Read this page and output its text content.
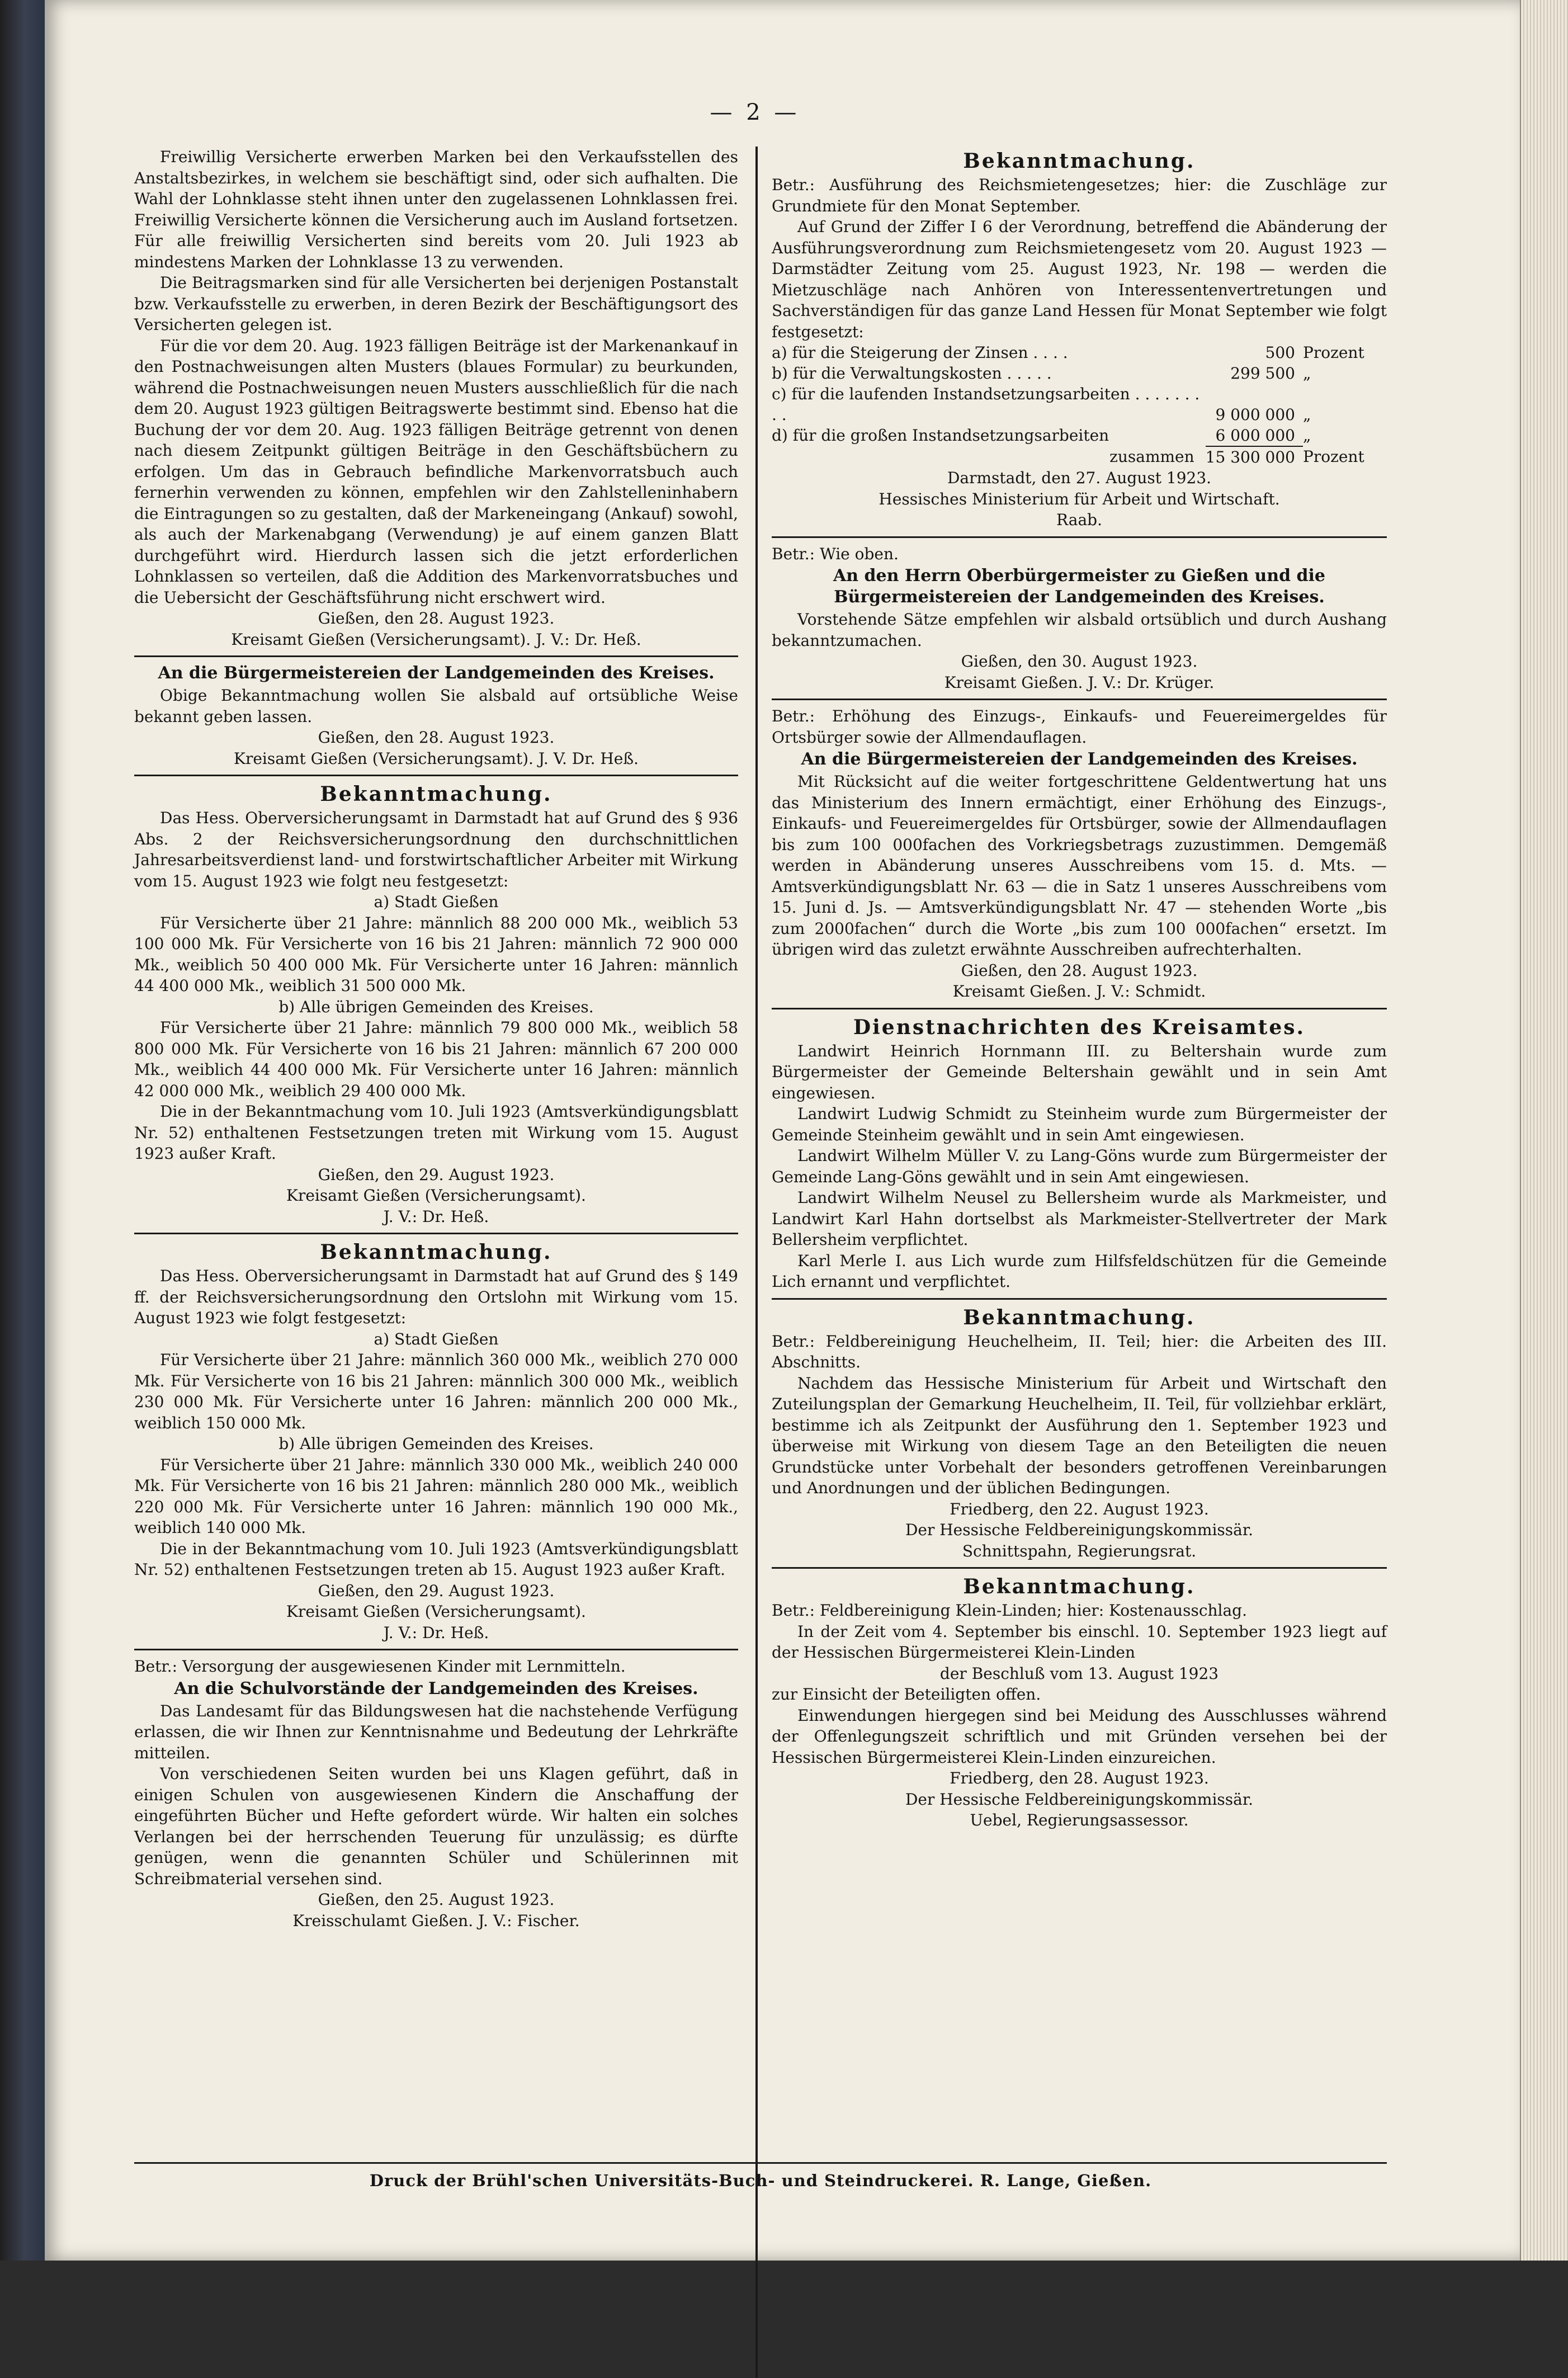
— 2 —

Freiwillig Versicherte erwerben Marken bei den Verkaufsstellen des Anstaltsbezirkes, in welchem sie beschäftigt sind, oder sich aufhalten. Die Wahl der Lohnklasse steht ihnen unter den zugelassenen Lohnklassen frei. Freiwillig Versicherte können die Versicherung auch im Ausland fortsetzen. Für alle freiwillig Versicherten sind bereits vom 20. Juli 1923 ab mindestens Marken der Lohnklasse 13 zu verwenden.

Die Beitragsmarken sind für alle Versicherten bei derjenigen Postanstalt bzw. Verkaufsstelle zu erwerben, in deren Bezirk der Beschäftigungsort des Versicherten gelegen ist.

Für die vor dem 20. Aug. 1923 fälligen Beiträge ist der Markenankauf in den Postnachweisungen alten Musters (blaues Formular) zu beurkunden, während die Postnachweisungen neuen Musters ausschließlich für die nach dem 20. August 1923 gültigen Beitragswerte bestimmt sind. Ebenso hat die Buchung der vor dem 20. Aug. 1923 fälligen Beiträge getrennt von denen nach diesem Zeitpunkt gültigen Beiträge in den Geschäftsbüchern zu erfolgen. Um das in Gebrauch befindliche Markenvorratsbuch auch fernerhin verwenden zu können, empfehlen wir den Zahlstelleninhabern die Eintragungen so zu gestalten, daß der Markeneingang (Ankauf) sowohl, als auch der Markenabgang (Verwendung) je auf einem ganzen Blatt durchgeführt wird. Hierdurch lassen sich die jetzt erforderlichen Lohnklassen so verteilen, daß die Addition des Markenvorratsbuches und die Uebersicht der Geschäftsführung nicht erschwert wird.

Gießen, den 28. August 1923.

Kreisamt Gießen (Versicherungsamt). J. V.: Dr. Heß.

An die Bürgermeistereien der Landgemeinden des Kreises.

Obige Bekanntmachung wollen Sie alsbald auf ortsübliche Weise bekannt geben lassen.

Gießen, den 28. August 1923.

Kreisamt Gießen (Versicherungsamt). J. V. Dr. Heß.

Bekanntmachung.

Das Hess. Oberversicherungsamt in Darmstadt hat auf Grund des § 936 Abs. 2 der Reichsversicherungsordnung den durchschnittlichen Jahresarbeitsverdienst land- und forstwirtschaftlicher Arbeiter mit Wirkung vom 15. August 1923 wie folgt neu festgesetzt:

a) Stadt Gießen

Für Versicherte über 21 Jahre: männlich 88 200 000 Mk., weiblich 53 100 000 Mk. Für Versicherte von 16 bis 21 Jahren: männlich 72 900 000 Mk., weiblich 50 400 000 Mk. Für Versicherte unter 16 Jahren: männlich 44 400 000 Mk., weiblich 31 500 000 Mk.

b) Alle übrigen Gemeinden des Kreises.

Für Versicherte über 21 Jahre: männlich 79 800 000 Mk., weiblich 58 800 000 Mk. Für Versicherte von 16 bis 21 Jahren: männlich 67 200 000 Mk., weiblich 44 400 000 Mk. Für Versicherte unter 16 Jahren: männlich 42 000 000 Mk., weiblich 29 400 000 Mk.

Die in der Bekanntmachung vom 10. Juli 1923 (Amtsverkündigungsblatt Nr. 52) enthaltenen Festsetzungen treten mit Wirkung vom 15. August 1923 außer Kraft.

Gießen, den 29. August 1923.

Kreisamt Gießen (Versicherungsamt).

J. V.: Dr. Heß.

Bekanntmachung.

Das Hess. Oberversicherungsamt in Darmstadt hat auf Grund des § 149 ff. der Reichsversicherungsordnung den Ortslohn mit Wirkung vom 15. August 1923 wie folgt festgesetzt:

a) Stadt Gießen

Für Versicherte über 21 Jahre: männlich 360 000 Mk., weiblich 270 000 Mk. Für Versicherte von 16 bis 21 Jahren: männlich 300 000 Mk., weiblich 230 000 Mk. Für Versicherte unter 16 Jahren: männlich 200 000 Mk., weiblich 150 000 Mk.

b) Alle übrigen Gemeinden des Kreises.

Für Versicherte über 21 Jahre: männlich 330 000 Mk., weiblich 240 000 Mk. Für Versicherte von 16 bis 21 Jahren: männlich 280 000 Mk., weiblich 220 000 Mk. Für Versicherte unter 16 Jahren: männlich 190 000 Mk., weiblich 140 000 Mk.

Die in der Bekanntmachung vom 10. Juli 1923 (Amtsverkündigungsblatt Nr. 52) enthaltenen Festsetzungen treten ab 15. August 1923 außer Kraft.

Gießen, den 29. August 1923.

Kreisamt Gießen (Versicherungsamt).

J. V.: Dr. Heß.

Betr.: Versorgung der ausgewiesenen Kinder mit Lernmitteln.

An die Schulvorstände der Landgemeinden des Kreises.

Das Landesamt für das Bildungswesen hat die nachstehende Verfügung erlassen, die wir Ihnen zur Kenntnisnahme und Bedeutung der Lehrkräfte mitteilen.

Von verschiedenen Seiten wurden bei uns Klagen geführt, daß in einigen Schulen von ausgewiesenen Kindern die Anschaffung der eingeführten Bücher und Hefte gefordert würde. Wir halten ein solches Verlangen bei der herrschenden Teuerung für unzulässig; es dürfte genügen, wenn die genannten Schüler und Schülerinnen mit Schreibmaterial versehen sind.

Gießen, den 25. August 1923.

Kreisschulamt Gießen. J. V.: Fischer.

Bekanntmachung.

Betr.: Ausführung des Reichsmietengesetzes; hier: die Zuschläge zur Grundmiete für den Monat September.

Auf Grund der Ziffer I 6 der Verordnung, betreffend die Abänderung der Ausführungsverordnung zum Reichsmietengesetz vom 20. August 1923 — Darmstädter Zeitung vom 25. August 1923, Nr. 198 — werden die Mietzuschläge nach Anhören von Interessentenvertretungen und Sachverständigen für das ganze Land Hessen für Monat September wie folgt festgesetzt:

a) für die Steigerung der Zinsen . . . .	500	Prozent
b) für die Verwaltungskosten . . . . .	299 500	„
c) für die laufenden Instandsetzungsarbeiten . . . . . . . . .	9 000 000	„
d) für die großen Instandsetzungsarbeiten	6 000 000	„
zusammen	15 300 000	Prozent

Darmstadt, den 27. August 1923.

Hessisches Ministerium für Arbeit und Wirtschaft.

Raab.

Betr.: Wie oben.

An den Herrn Oberbürgermeister zu Gießen und die Bürgermeistereien der Landgemeinden des Kreises.

Vorstehende Sätze empfehlen wir alsbald ortsüblich und durch Aushang bekanntzumachen.

Gießen, den 30. August 1923.

Kreisamt Gießen. J. V.: Dr. Krüger.

Betr.: Erhöhung des Einzugs-, Einkaufs- und Feuereimergeldes für Ortsbürger sowie der Allmendauflagen.

An die Bürgermeistereien der Landgemeinden des Kreises.

Mit Rücksicht auf die weiter fortgeschrittene Geldentwertung hat uns das Ministerium des Innern ermächtigt, einer Erhöhung des Einzugs-, Einkaufs- und Feuereimergeldes für Ortsbürger, sowie der Allmendauflagen bis zum 100 000fachen des Vorkriegsbetrags zuzustimmen. Demgemäß werden in Abänderung unseres Ausschreibens vom 15. d. Mts. — Amtsverkündigungsblatt Nr. 63 — die in Satz 1 unseres Ausschreibens vom 15. Juni d. Js. — Amtsverkündigungsblatt Nr. 47 — stehenden Worte „bis zum 2000fachen“ durch die Worte „bis zum 100 000fachen“ ersetzt. Im übrigen wird das zuletzt erwähnte Ausschreiben aufrechterhalten.

Gießen, den 28. August 1923.

Kreisamt Gießen. J. V.: Schmidt.

Dienstnachrichten des Kreisamtes.

Landwirt Heinrich Hornmann III. zu Beltershain wurde zum Bürgermeister der Gemeinde Beltershain gewählt und in sein Amt eingewiesen.

Landwirt Ludwig Schmidt zu Steinheim wurde zum Bürgermeister der Gemeinde Steinheim gewählt und in sein Amt eingewiesen.

Landwirt Wilhelm Müller V. zu Lang-Göns wurde zum Bürgermeister der Gemeinde Lang-Göns gewählt und in sein Amt eingewiesen.

Landwirt Wilhelm Neusel zu Bellersheim wurde als Markmeister, und Landwirt Karl Hahn dortselbst als Markmeister-Stellvertreter der Mark Bellersheim verpflichtet.

Karl Merle I. aus Lich wurde zum Hilfsfeldschützen für die Gemeinde Lich ernannt und verpflichtet.

Bekanntmachung.

Betr.: Feldbereinigung Heuchelheim, II. Teil; hier: die Arbeiten des III. Abschnitts.

Nachdem das Hessische Ministerium für Arbeit und Wirtschaft den Zuteilungsplan der Gemarkung Heuchelheim, II. Teil, für vollziehbar erklärt, bestimme ich als Zeitpunkt der Ausführung den 1. September 1923 und überweise mit Wirkung von diesem Tage an den Beteiligten die neuen Grundstücke unter Vorbehalt der besonders getroffenen Vereinbarungen und Anordnungen und der üblichen Bedingungen.

Friedberg, den 22. August 1923.

Der Hessische Feldbereinigungskommissär.

Schnittspahn, Regierungsrat.

Bekanntmachung.

Betr.: Feldbereinigung Klein-Linden; hier: Kostenausschlag.

In der Zeit vom 4. September bis einschl. 10. September 1923 liegt auf der Hessischen Bürgermeisterei Klein-Linden

der Beschluß vom 13. August 1923

zur Einsicht der Beteiligten offen.

Einwendungen hiergegen sind bei Meidung des Ausschlusses während der Offenlegungszeit schriftlich und mit Gründen versehen bei der Hessischen Bürgermeisterei Klein-Linden einzureichen.

Friedberg, den 28. August 1923.

Der Hessische Feldbereinigungskommissär.

Uebel, Regierungsassessor.

Druck der Brühl'schen Universitäts-Buch- und Steindruckerei. R. Lange, Gießen.
